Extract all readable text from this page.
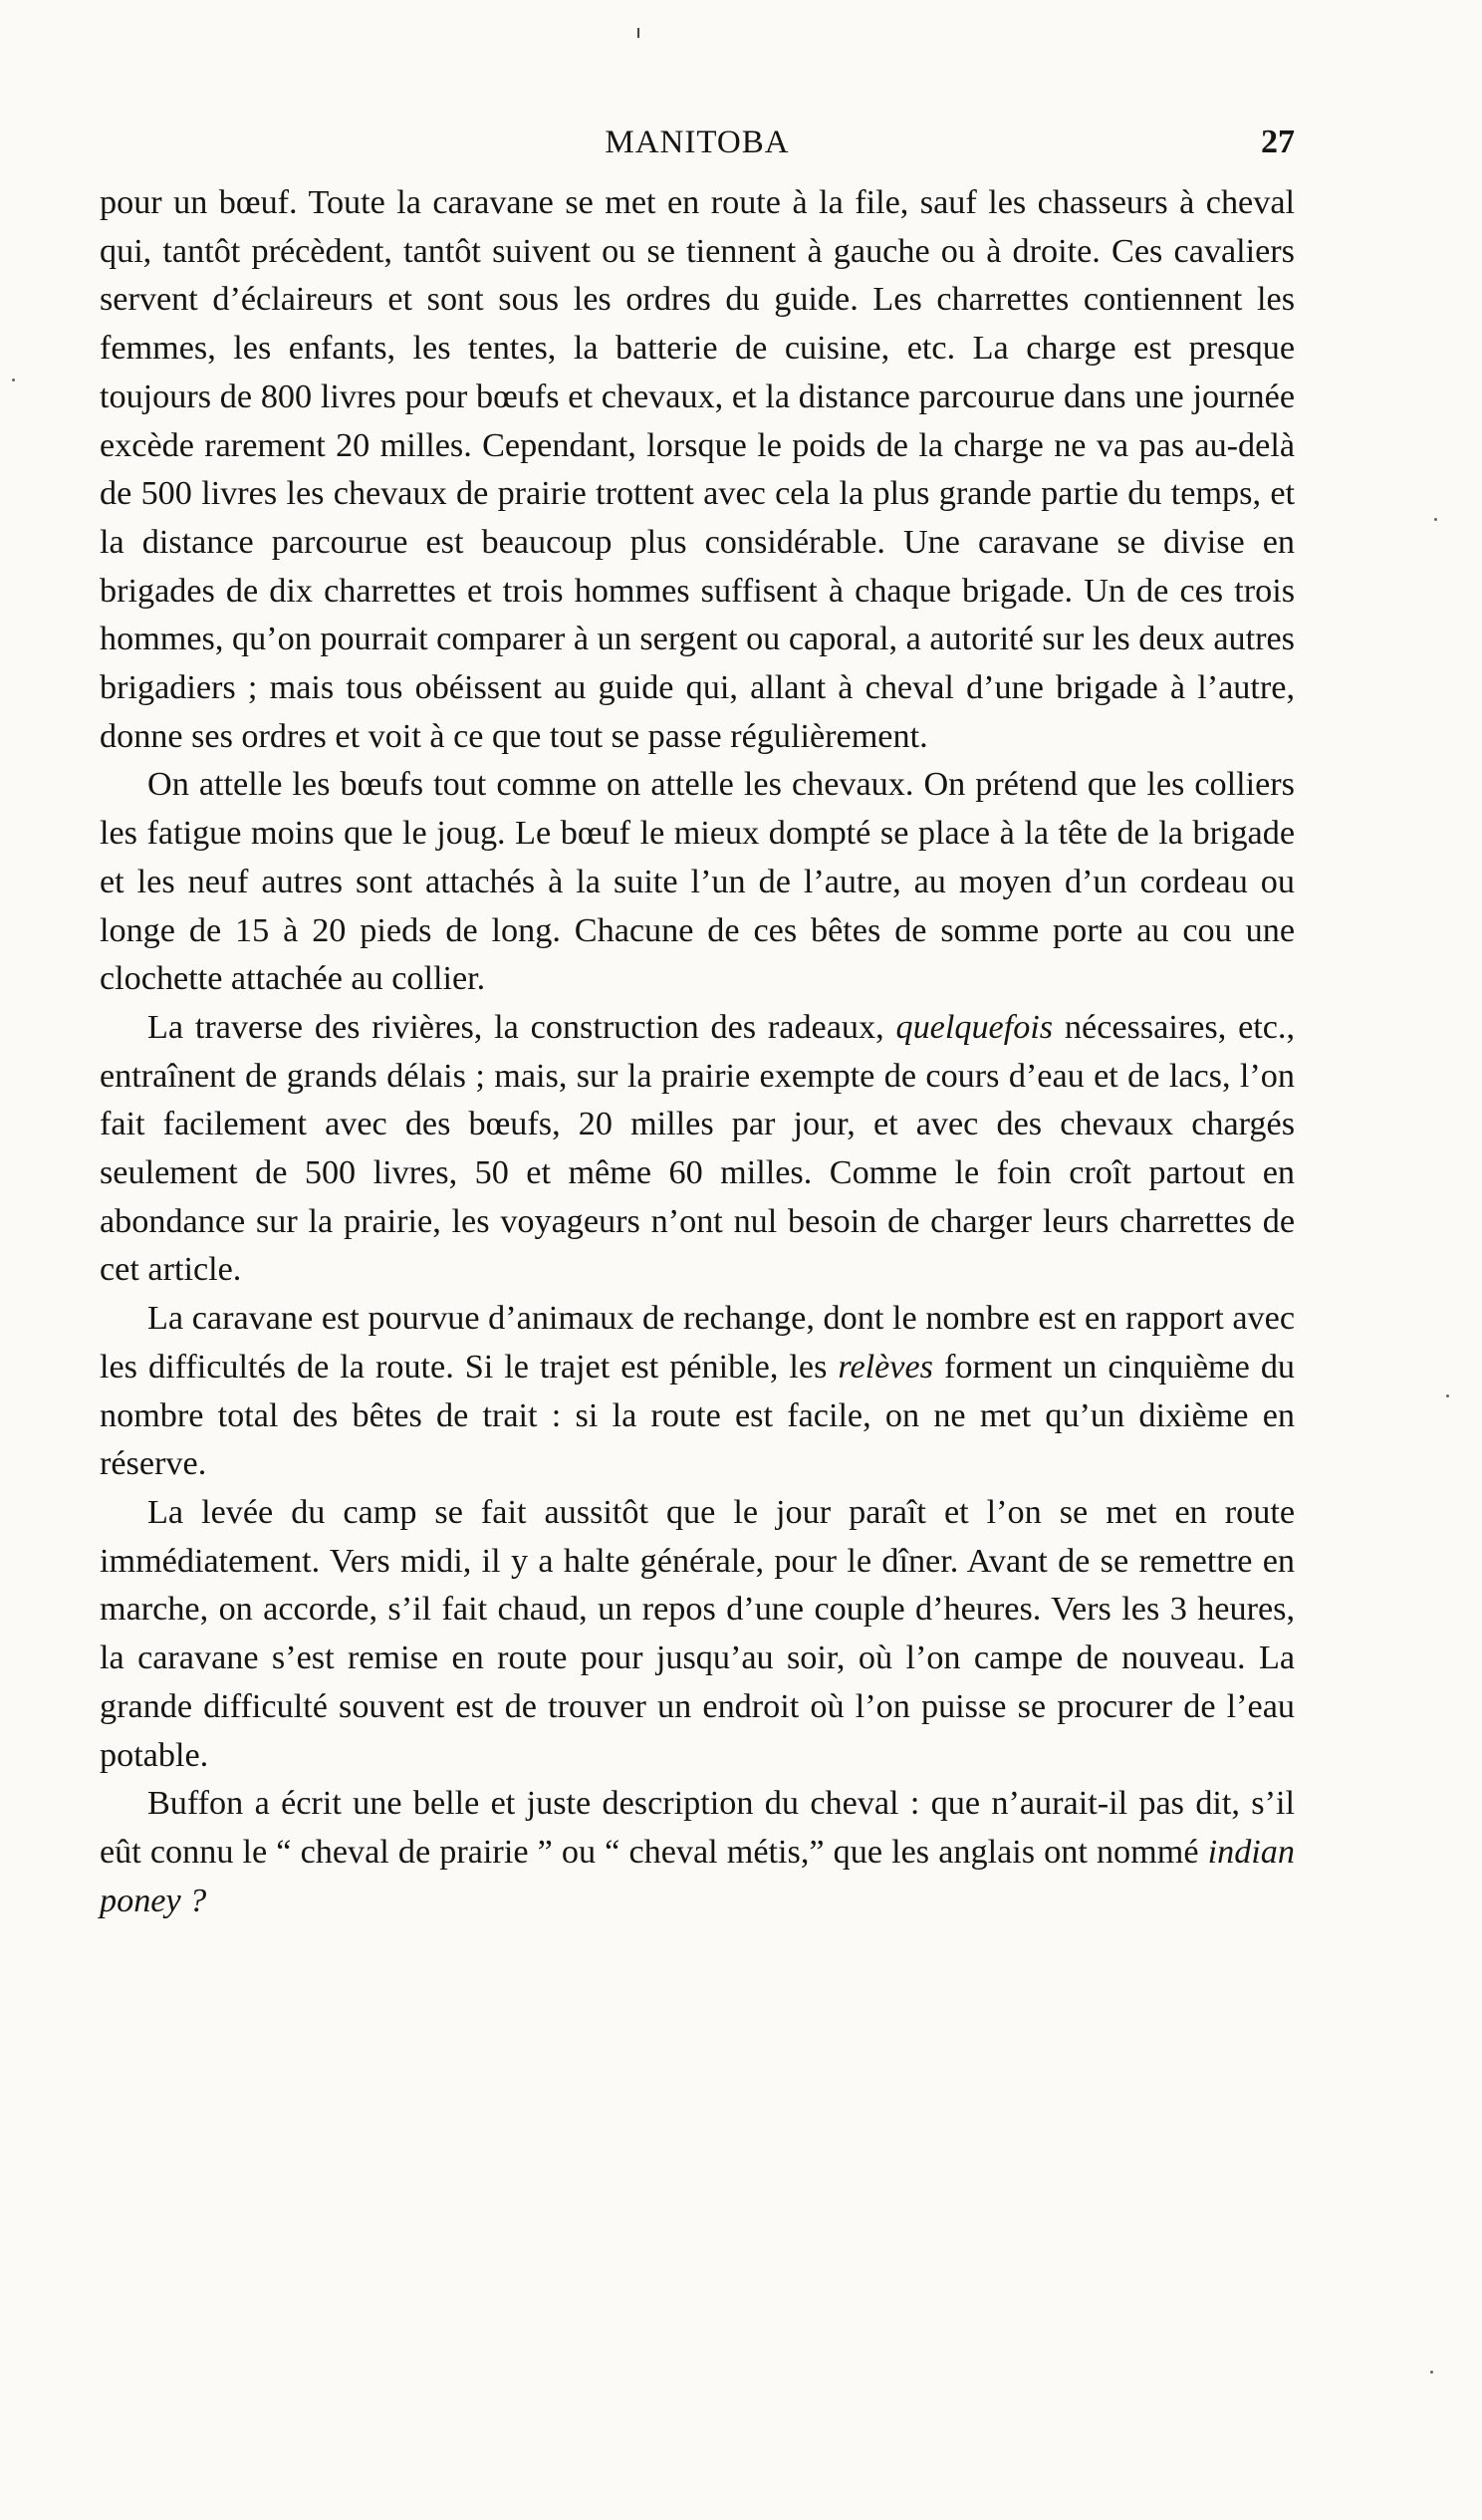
MANITOBA	27

pour un bœuf. Toute la caravane se met en route à la file, sauf les chasseurs à cheval qui, tantôt précèdent, tantôt suivent ou se tiennent à gauche ou à droite. Ces cavaliers servent d’éclaireurs et sont sous les ordres du guide. Les charrettes contiennent les femmes, les enfants, les tentes, la batterie de cuisine, etc. La charge est presque toujours de 800 livres pour bœufs et chevaux, et la distance parcourue dans une journée excède rarement 20 milles. Cependant, lorsque le poids de la charge ne va pas au-delà de 500 livres les chevaux de prairie trottent avec cela la plus grande partie du temps, et la distance parcourue est beaucoup plus considérable. Une caravane se divise en brigades de dix charrettes et trois hommes suffisent à chaque brigade. Un de ces trois hommes, qu’on pourrait comparer à un sergent ou caporal, a autorité sur les deux autres brigadiers ; mais tous obéissent au guide qui, allant à cheval d’une brigade à l’autre, donne ses ordres et voit à ce que tout se passe régulièrement.

On attelle les bœufs tout comme on attelle les chevaux. On prétend que les colliers les fatigue moins que le joug. Le bœuf le mieux dompté se place à la tête de la brigade et les neuf autres sont attachés à la suite l’un de l’autre, au moyen d’un cordeau ou longe de 15 à 20 pieds de long. Chacune de ces bêtes de somme porte au cou une clochette attachée au collier.

La traverse des rivières, la construction des radeaux, quelquefois nécessaires, etc., entraînent de grands délais ; mais, sur la prairie exempte de cours d’eau et de lacs, l’on fait facilement avec des bœufs, 20 milles par jour, et avec des chevaux chargés seulement de 500 livres, 50 et même 60 milles. Comme le foin croît partout en abondance sur la prairie, les voyageurs n’ont nul besoin de charger leurs charrettes de cet article.

La caravane est pourvue d’animaux de rechange, dont le nombre est en rapport avec les difficultés de la route. Si le trajet est pénible, les relèves forment un cinquième du nombre total des bêtes de trait : si la route est facile, on ne met qu’un dixième en réserve.

La levée du camp se fait aussitôt que le jour paraît et l’on se met en route immédiatement. Vers midi, il y a halte générale, pour le dîner. Avant de se remettre en marche, on accorde, s’il fait chaud, un repos d’une couple d’heures. Vers les 3 heures, la caravane s’est remise en route pour jusqu’au soir, où l’on campe de nouveau. La grande difficulté souvent est de trouver un endroit où l’on puisse se procurer de l’eau potable.

Buffon a écrit une belle et juste description du cheval : que n’aurait-il pas dit, s’il eût connu le “ cheval de prairie ” ou “ cheval métis,” que les anglais ont nommé indian poney ?
